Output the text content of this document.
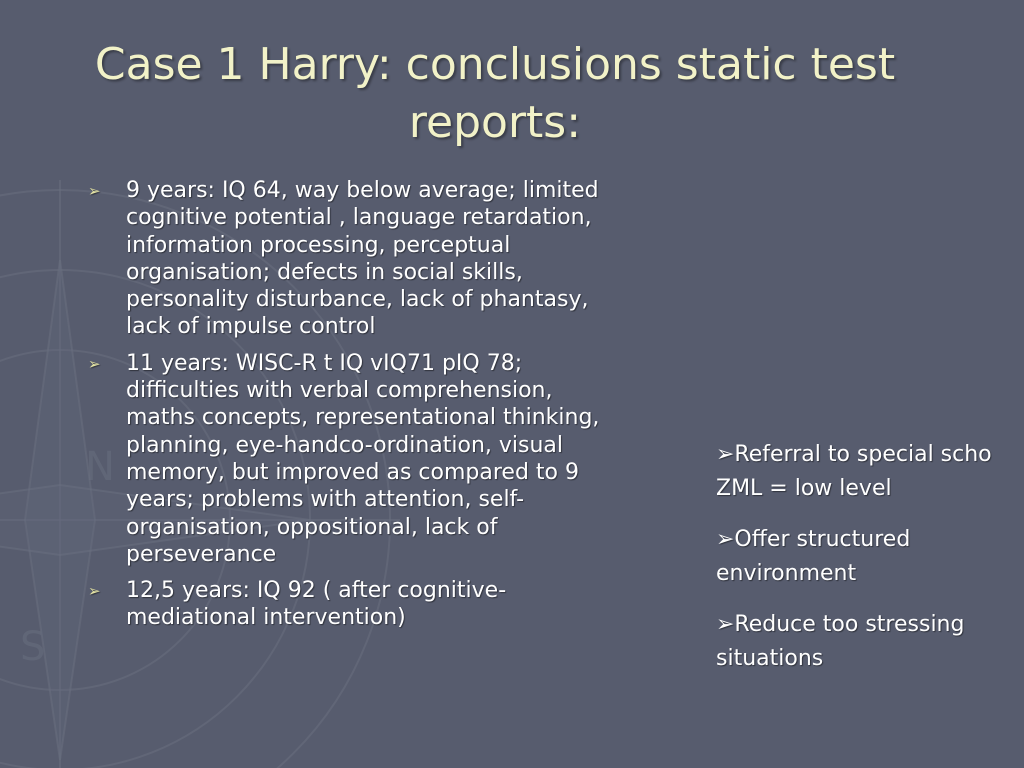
N
S
Case 1 Harry: conclusions static test reports:
➢ 9 years: IQ 64, way below average; limited cognitive potential , language retardation, information processing, perceptual organisation; defects in social skills, personality disturbance, lack of phantasy, lack of impulse control
➢ 11 years: WISC-R t IQ vIQ71 pIQ 78; difficulties with verbal comprehension, maths concepts, representational thinking, planning, eye-handco-ordination, visual memory, but improved as compared to 9 years; problems with attention, self-organisation, oppositional, lack of perseverance
➢ 12,5 years: IQ 92 ( after cognitive-mediational intervention)
➢Referral to special scho
ZML = low level
➢Offer structured
environment
➢Reduce too stressing
situations
